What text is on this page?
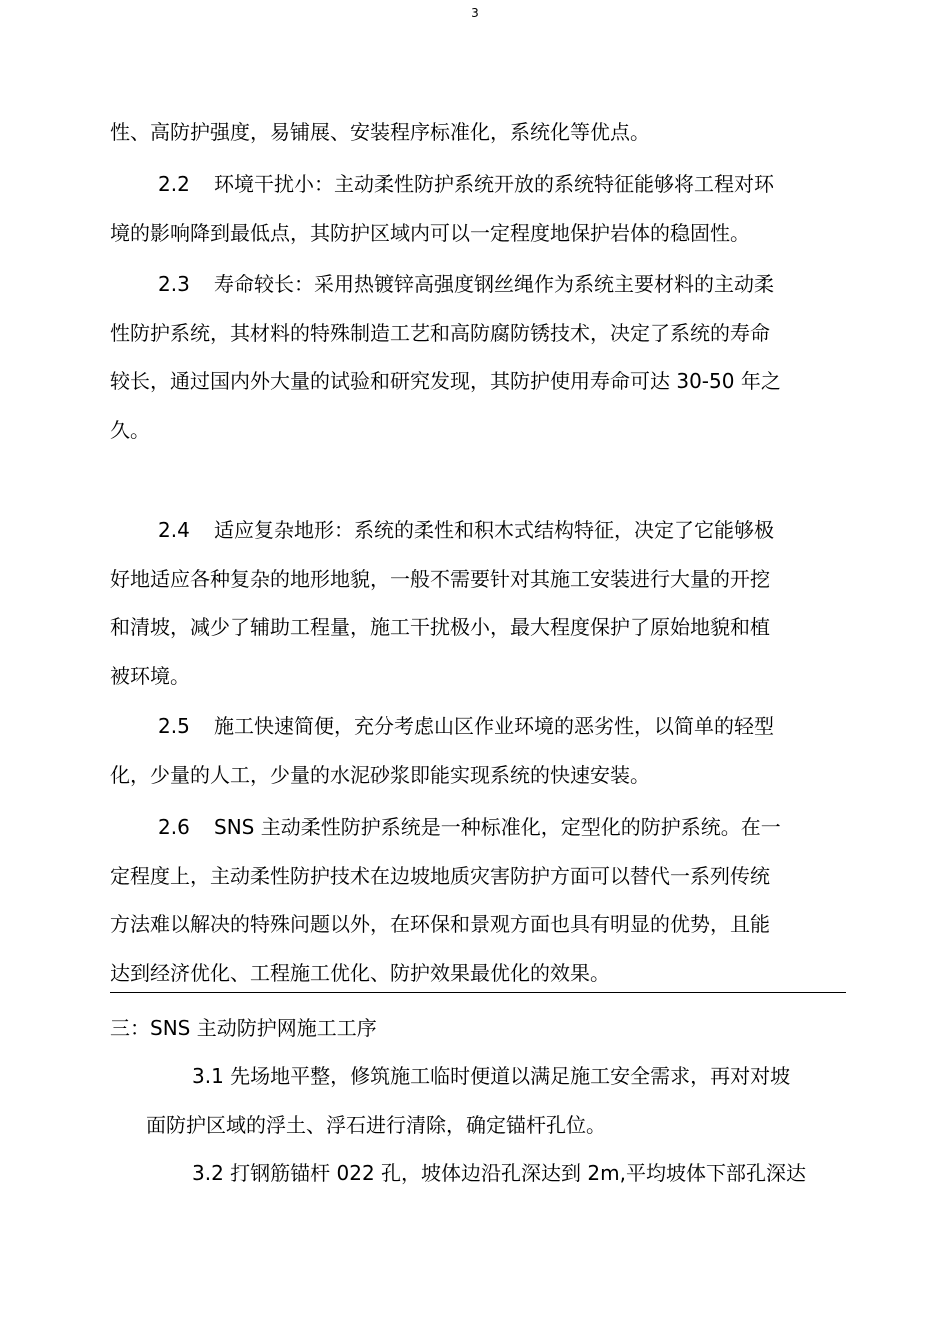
3
性、高防护强度，易铺展、安装程序标准化，系统化等优点。
2.2 环境干扰小：主动柔性防护系统开放的系统特征能够将工程对环
境的影响降到最低点，其防护区域内可以一定程度地保护岩体的稳固性。
2.3 寿命较长：采用热镀锌高强度钢丝绳作为系统主要材料的主动柔
性防护系统，其材料的特殊制造工艺和高防腐防锈技术，决定了系统的寿命
较长，通过国内外大量的试验和研究发现，其防护使用寿命可达 30-50 年之
久。
2.4 适应复杂地形：系统的柔性和积木式结构特征，决定了它能够极
好地适应各种复杂的地形地貌，一般不需要针对其施工安装进行大量的开挖
和清坡，减少了辅助工程量，施工干扰极小，最大程度保护了原始地貌和植
被环境。
2.5 施工快速简便，充分考虑山区作业环境的恶劣性，以简单的轻型
化，少量的人工，少量的水泥砂浆即能实现系统的快速安装。
2.6 SNS 主动柔性防护系统是一种标准化，定型化的防护系统。在一
定程度上，主动柔性防护技术在边坡地质灾害防护方面可以替代一系列传统
方法难以解决的特殊问题以外，在环保和景观方面也具有明显的优势，且能
达到经济优化、工程施工优化、防护效果最优化的效果。
三：SNS 主动防护网施工工序
3.1 先场地平整，修筑施工临时便道以满足施工安全需求，再对对坡
面防护区域的浮土、浮石进行清除，确定锚杆孔位。
3.2 打钢筋锚杆 022 孔，坡体边沿孔深达到 2m,平均坡体下部孔深达
